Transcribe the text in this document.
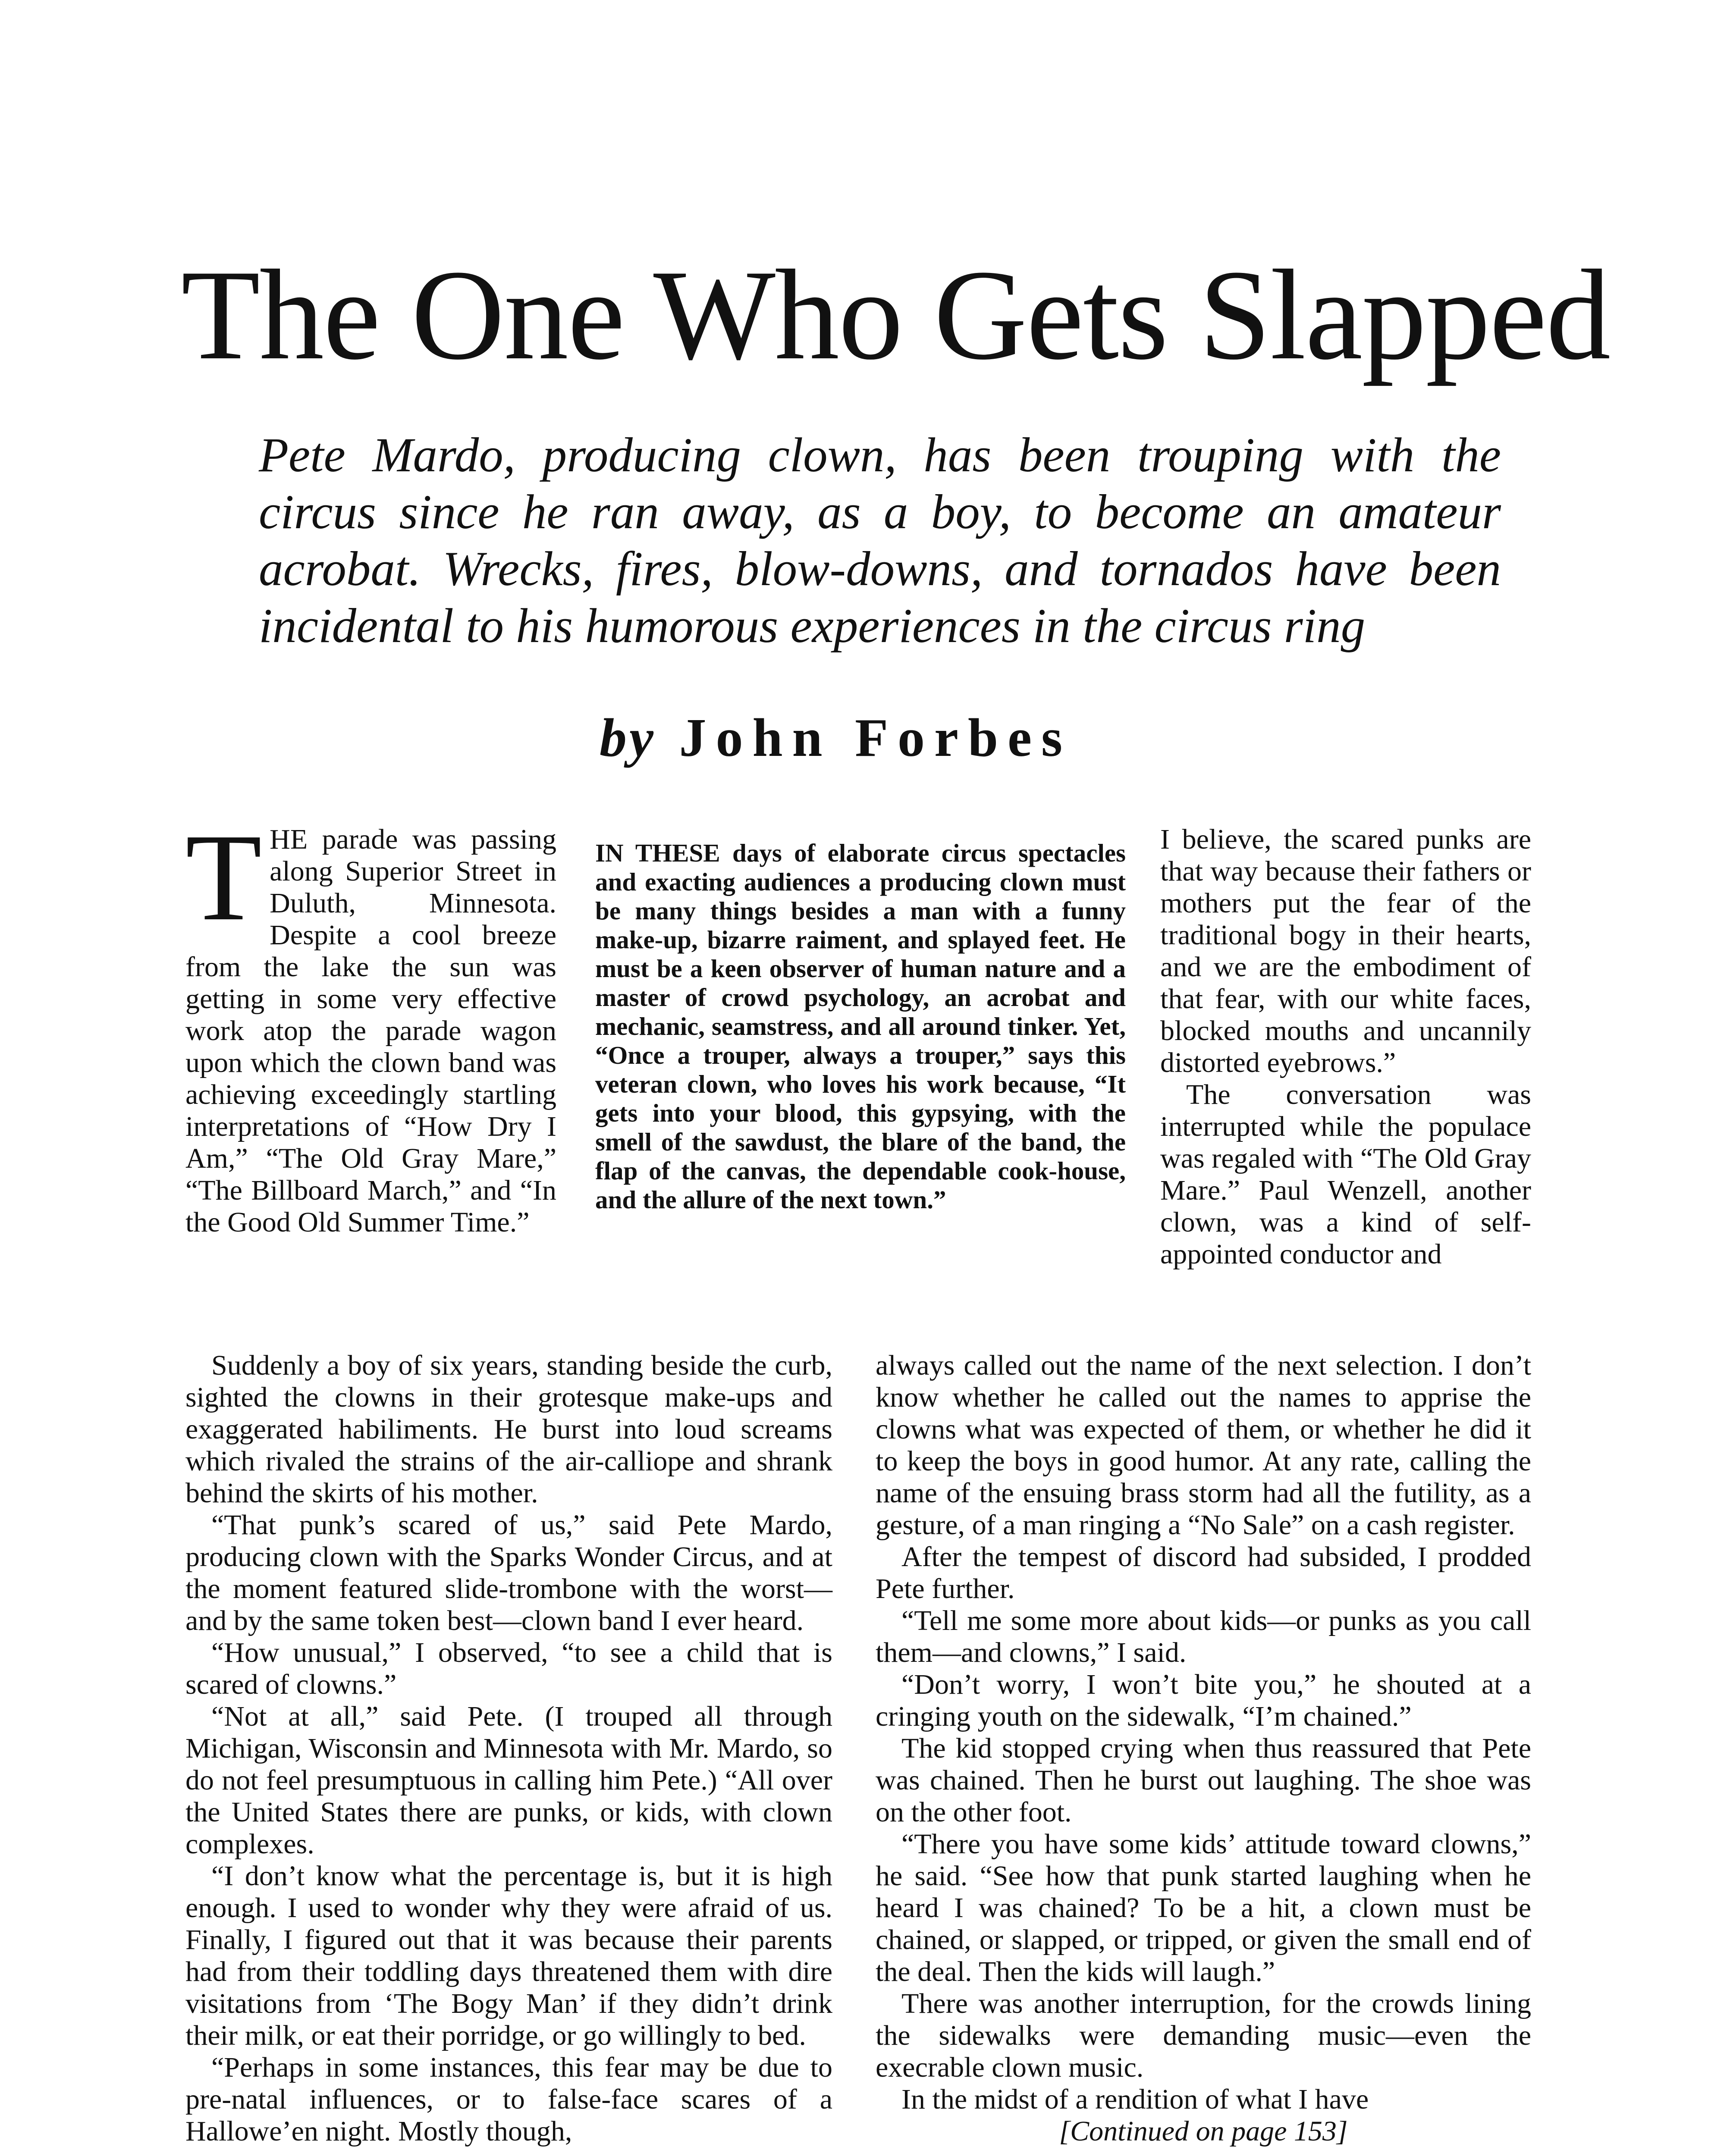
The One Who Gets Slapped
Pete Mardo, producing clown, has been trouping with the circus since he ran away, as a boy, to become an amateur acrobat. Wrecks, fires, blow-downs, and tornados have been incidental to his humorous experiences in the circus ring
by John Forbes
T HE parade was passing along Superior Street in Duluth, Minnesota. Despite a cool breeze from the lake the sun was getting in some very effective work atop the parade wagon upon which the clown band was achieving exceedingly startling interpretations of “How Dry I Am,” “The Old Gray Mare,” “The Billboard March,” and “In the Good Old Summer Time.”

IN THESE days of elaborate circus spectacles and exacting audiences a producing clown must be many things besides a man with a funny make-up, bizarre raiment, and splayed feet. He must be a keen observer of human nature and a master of crowd psychology, an acrobat and mechanic, seamstress, and all around tinker. Yet, “Once a trouper, always a trouper,” says this veteran clown, who loves his work because, “It gets into your blood, this gypsying, with the smell of the sawdust, the blare of the band, the flap of the canvas, the dependable cook-house, and the allure of the next town.”

I believe, the scared punks are that way because their fathers or mothers put the fear of the traditional bogy in their hearts, and we are the embodiment of that fear, with our white faces, blocked mouths and uncannily distorted eyebrows.”

The conversation was interrupted while the populace was regaled with “The Old Gray Mare.” Paul Wenzell, another clown, was a kind of self-appointed conductor and

Suddenly a boy of six years, standing beside the curb, sighted the clowns in their grotesque make-ups and exaggerated habiliments. He burst into loud screams which rivaled the strains of the air-calliope and shrank behind the skirts of his mother.

“That punk’s scared of us,” said Pete Mardo, producing clown with the Sparks Wonder Circus, and at the moment featured slide-trombone with the worst—and by the same token best—clown band I ever heard.

“How unusual,” I observed, “to see a child that is scared of clowns.”

“Not at all,” said Pete. (I trouped all through Michigan, Wisconsin and Minnesota with Mr. Mardo, so do not feel presumptuous in calling him Pete.) “All over the United States there are punks, or kids, with clown complexes.

“I don’t know what the percentage is, but it is high enough. I used to wonder why they were afraid of us. Finally, I figured out that it was because their parents had from their toddling days threatened them with dire visitations from ‘The Bogy Man’ if they didn’t drink their milk, or eat their porridge, or go willingly to bed.

“Perhaps in some instances, this fear may be due to pre-natal influences, or to false-face scares of a Hallowe’en night. Mostly though,

always called out the name of the next selection. I don’t know whether he called out the names to apprise the clowns what was expected of them, or whether he did it to keep the boys in good humor. At any rate, calling the name of the ensuing brass storm had all the futility, as a gesture, of a man ringing a “No Sale” on a cash register.

After the tempest of discord had subsided, I prodded Pete further.

“Tell me some more about kids—or punks as you call them—and clowns,” I said.

“Don’t worry, I won’t bite you,” he shouted at a cringing youth on the sidewalk, “I’m chained.”

The kid stopped crying when thus reassured that Pete was chained. Then he burst out laughing. The shoe was on the other foot.

“There you have some kids’ attitude toward clowns,” he said. “See how that punk started laughing when he heard I was chained? To be a hit, a clown must be chained, or slapped, or tripped, or given the small end of the deal. Then the kids will laugh.”

There was another interruption, for the crowds lining the sidewalks were demanding music—even the execrable clown music.

In the midst of a rendition of what I have

[Continued on page 153]
